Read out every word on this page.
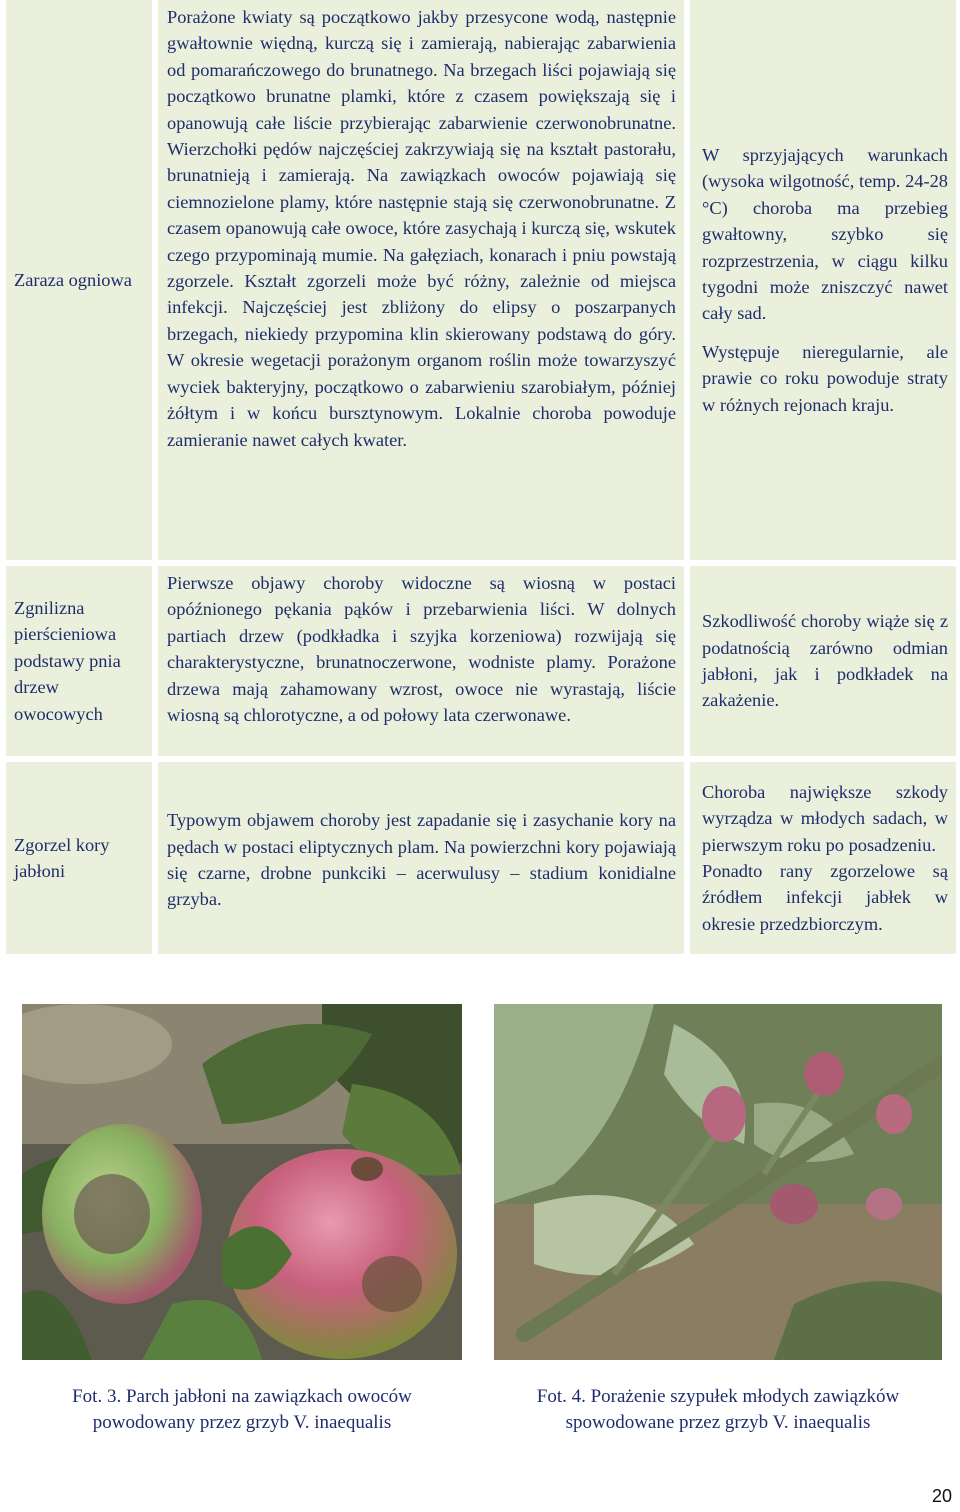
Zaraza ogniowa

Porażone kwiaty są początkowo jakby przesycone wodą, następnie gwałtownie więdną, kurczą się i zamierają, nabierając zabarwienia od pomarańczowego do brunatnego. Na brzegach liści pojawiają się początkowo brunatne plamki, które z czasem powiększają się i opanowują całe liście przybierając zabarwienie czerwonobrunatne. Wierzchołki pędów najczęściej zakrzywiają się na kształt pastorału, brunatnieją i zamierają. Na zawiązkach owoców pojawiają się ciemnozielone plamy, które następnie stają się czerwonobrunatne. Z czasem opanowują całe owoce, które zasychają i kurczą się, wskutek czego przypominają mumie. Na gałęziach, konarach i pniu powstają zgorzele. Kształt zgorzeli może być różny, zależnie od miejsca infekcji. Najczęściej jest zbliżony do elipsy o poszarpanych brzegach, niekiedy przypomina klin skierowany podstawą do góry. W okresie wegetacji porażonym organom roślin może towarzyszyć wyciek bakteryjny, początkowo o zabarwieniu szarobiałym, później żółtym i w końcu bursztynowym. Lokalnie choroba powoduje zamieranie nawet całych kwater.

W sprzyjających warunkach (wysoka wilgotność, temp. 24-28 °C) choroba ma przebieg gwałtowny, szybko się rozprzestrzenia, w ciągu kilku tygodni może zniszczyć nawet cały sad.

Występuje nieregularnie, ale prawie co roku powoduje straty w różnych rejonach kraju.

Zgnilizna pierścieniowa podstawy pnia drzew owocowych

Pierwsze objawy choroby widoczne są wiosną w postaci opóźnionego pękania pąków i przebarwienia liści. W dolnych partiach drzew (podkładka i szyjka korzeniowa) rozwijają się charakterystyczne, brunatnoczerwone, wodniste plamy. Porażone drzewa mają zahamowany wzrost, owoce nie wyrastają, liście wiosną są chlorotyczne, a od połowy lata czerwonawe.

Szkodliwość choroby wiąże się z podatnością zarówno odmian jabłoni, jak i podkładek na zakażenie.

Zgorzel kory jabłoni

Typowym objawem choroby jest zapadanie się i zasychanie kory na pędach w postaci eliptycznych plam. Na powierzchni kory pojawiają się czarne, drobne punkciki – acerwulusy – stadium konidialne grzyba.

Choroba największe szkody wyrządza w młodych sadach, w pierwszym roku po posadzeniu.

Ponadto rany zgorzelowe są źródłem infekcji jabłek w okresie przedzbiorczym.

Fot. 3. Parch jabłoni na zawiązkach owoców
powodowany przez grzyb V. inaequalis
Fot. 4. Porażenie szypułek młodych zawiązków
spowodowane przez grzyb V. inaequalis
20
